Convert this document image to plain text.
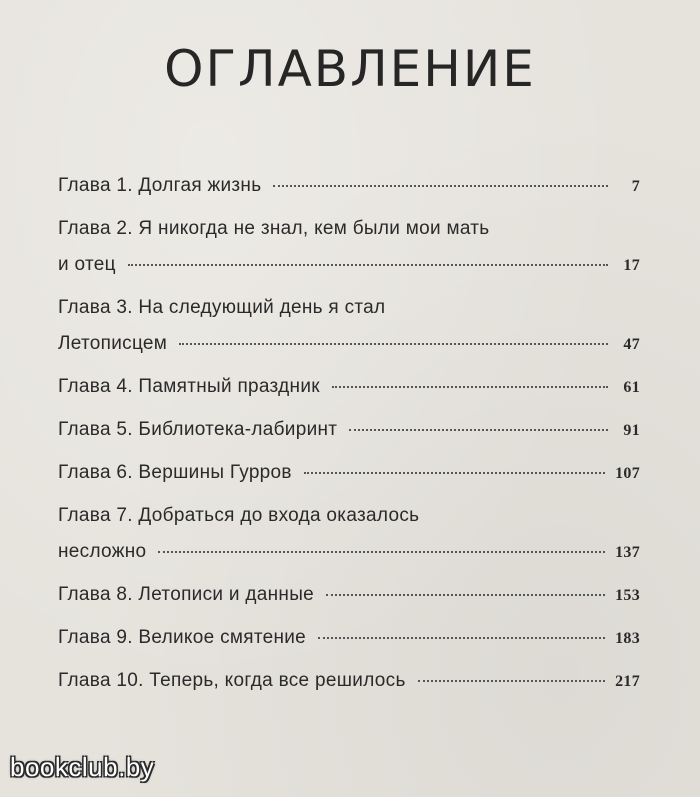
ОГЛАВЛЕНИЕ
Глава 1. Долгая жизнь	7
Глава 2. Я никогда не знал, кем были мои мать
и отец	17
Глава 3. На следующий день я стал
Летописцем	47
Глава 4. Памятный праздник	61
Глава 5. Библиотека-лабиринт	91
Глава 6. Вершины Гурров	107
Глава 7. Добраться до входа оказалось
несложно	137
Глава 8. Летописи и данные	153
Глава 9. Великое смятение	183
Глава 10. Теперь, когда все решилось	217
bookclub.by
